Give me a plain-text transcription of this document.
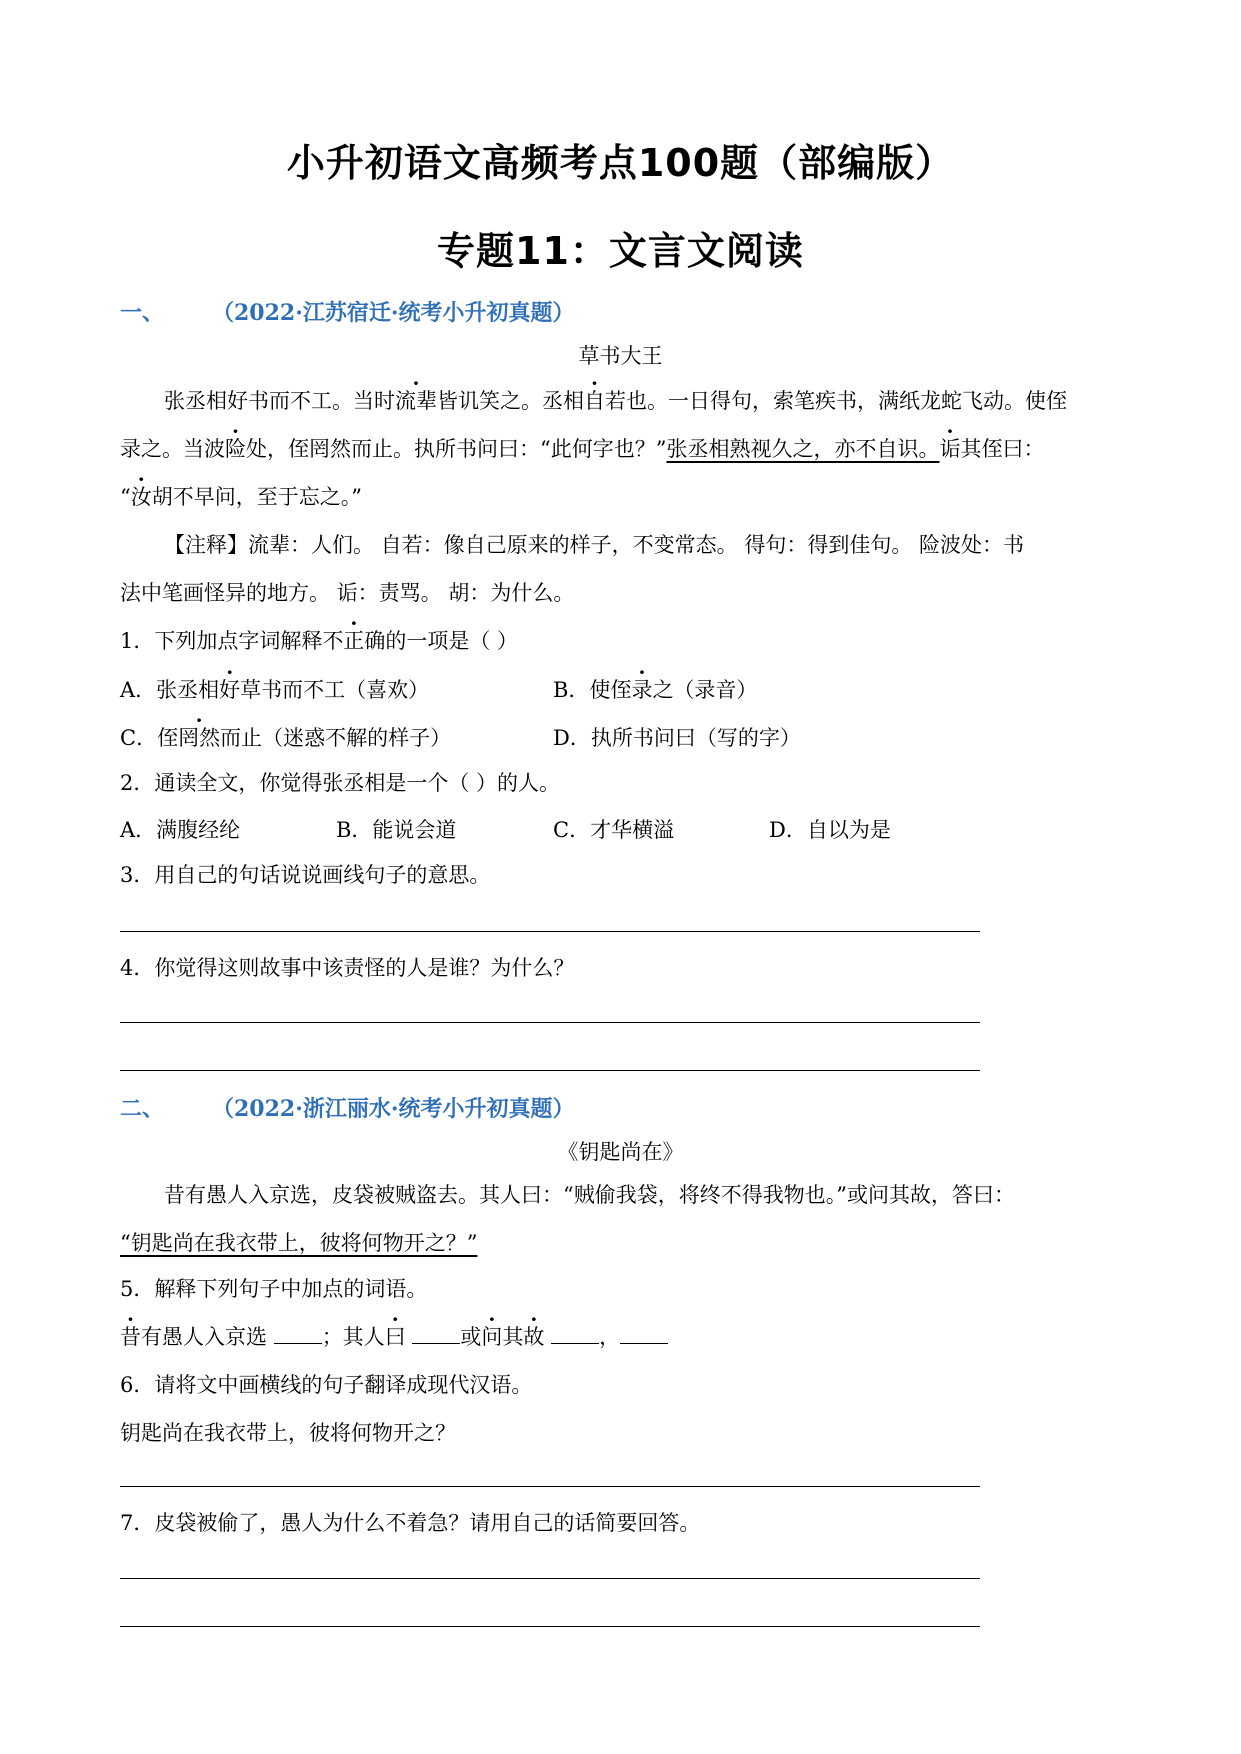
小升初语文高频考点100题（部编版）
专题11：文言文阅读
一、 （2022·江苏宿迁·统考小升初真题）
草书大王
张丞相好书而不工。当时流辈皆讥笑之。丞相自若也。一日得句，索笔疾书，满纸龙蛇飞动。使侄
录之。当波险处，侄罔然而止。执所书问曰：“此何字也？”张丞相熟视久之，亦不自识。诟其侄曰：
“汝胡不早问，至于忘之。”
【注释】流辈：人们。 自若：像自己原来的样子，不变常态。 得句：得到佳句。 险波处：书
法中笔画怪异的地方。 诟：责骂。 胡：为什么。
1．下列加点字词解释不正确的一项是（ ）
A．张丞相好草书而不工（喜欢）	B．使侄录之（录音）
C．侄罔然而止（迷惑不解的样子）	D．执所书问曰（写的字）
2．通读全文，你觉得张丞相是一个（ ）的人。
A．满腹经纶	B．能说会道	C．才华横溢	D．自以为是
3．用自己的句话说说画线句子的意思。
4．你觉得这则故事中该责怪的人是谁？为什么？
二、 （2022·浙江丽水·统考小升初真题）
《钥匙尚在》
昔有愚人入京选，皮袋被贼盗去。其人曰：“贼偷我袋，将终不得我物也。”或问其故，答曰：
“钥匙尚在我衣带上，彼将何物开之？”
5．解释下列句子中加点的词语。
昔有愚人入京选 ；其人曰	或问其故	，
6．请将文中画横线的句子翻译成现代汉语。
钥匙尚在我衣带上，彼将何物开之？
7．皮袋被偷了，愚人为什么不着急？请用自己的话简要回答。
